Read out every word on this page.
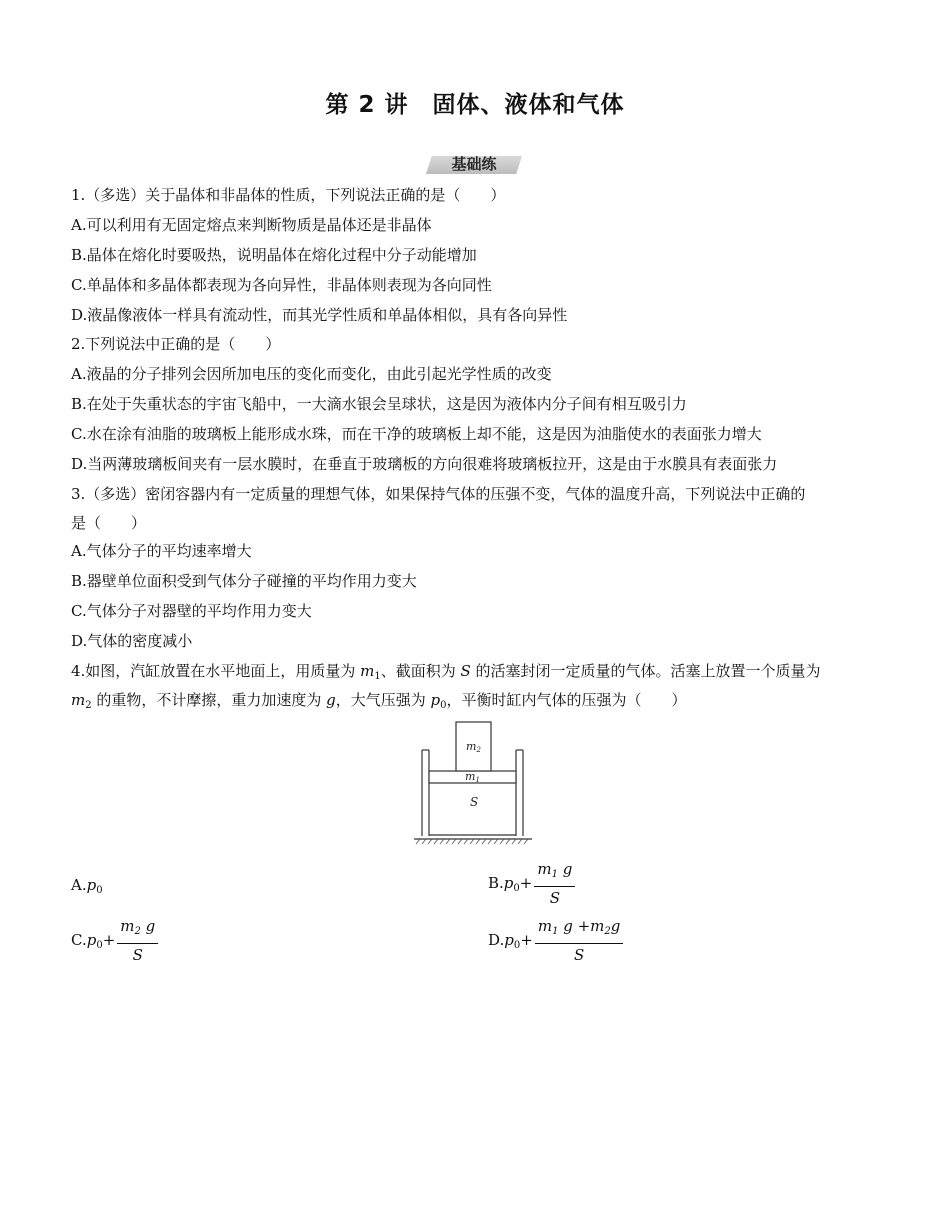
第 2 讲　固体、液体和气体
基础练
1.（多选）关于晶体和非晶体的性质，下列说法正确的是（　　）
A.可以利用有无固定熔点来判断物质是晶体还是非晶体
B.晶体在熔化时要吸热，说明晶体在熔化过程中分子动能增加
C.单晶体和多晶体都表现为各向异性，非晶体则表现为各向同性
D.液晶像液体一样具有流动性，而其光学性质和单晶体相似，具有各向异性
2.下列说法中正确的是（　　）
A.液晶的分子排列会因所加电压的变化而变化，由此引起光学性质的改变
B.在处于失重状态的宇宙飞船中，一大滴水银会呈球状，这是因为液体内分子间有相互吸引力
C.水在涂有油脂的玻璃板上能形成水珠，而在干净的玻璃板上却不能，这是因为油脂使水的表面张力增大
D.当两薄玻璃板间夹有一层水膜时，在垂直于玻璃板的方向很难将玻璃板拉开，这是由于水膜具有表面张力
3.（多选）密闭容器内有一定质量的理想气体，如果保持气体的压强不变，气体的温度升高，下列说法中正确的
是（　　）
A.气体分子的平均速率增大
B.器壁单位面积受到气体分子碰撞的平均作用力变大
C.气体分子对器壁的平均作用力变大
D.气体的密度减小
4.如图，汽缸放置在水平地面上，用质量为 $m_1$、截面积为 S 的活塞封闭一定质量的气体。活塞上放置一个质量为
$m_2$ 的重物，不计摩擦，重力加速度为 g，大气压强为 $p_0$，平衡时缸内气体的压强为（　　）
m2
m1
S
$A.p_0$	$B.p_0+ \frac{m_1 g}{S}$
$C.p_0+ \frac{m_2 g}{S}$	$D.p_0+ \frac{m_1 g +m_2g}{S}$
